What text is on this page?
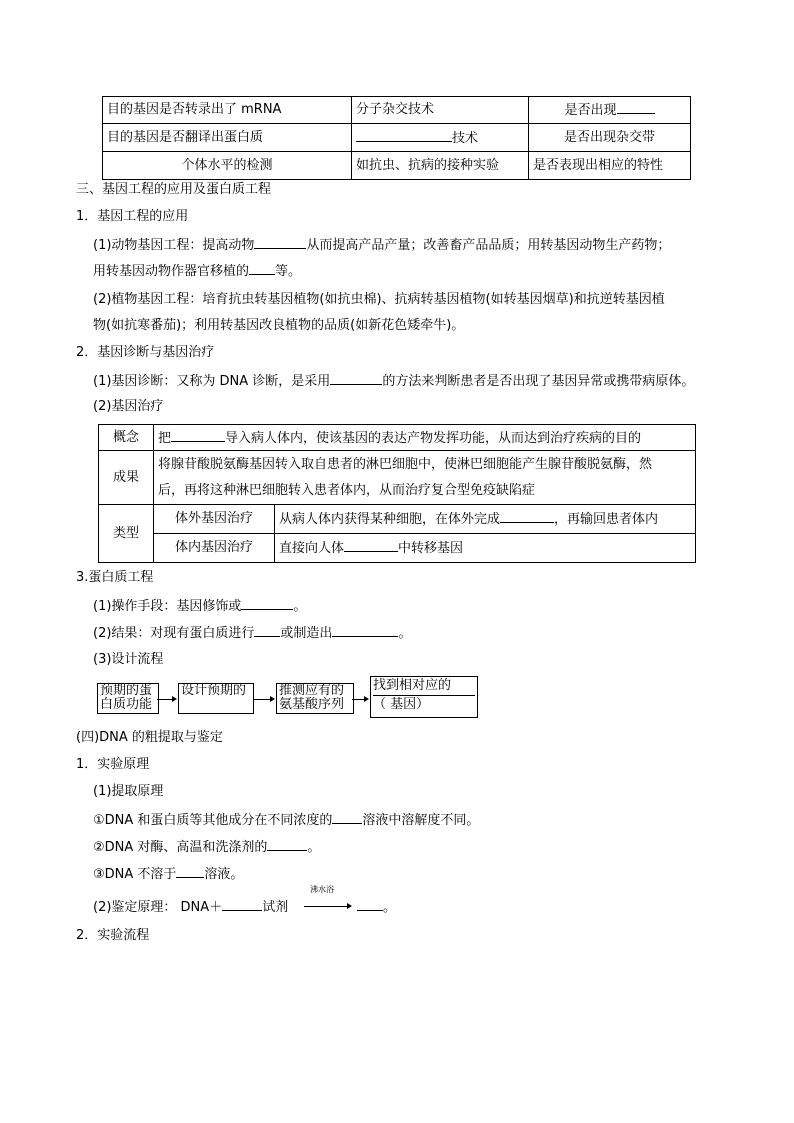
目的基因是否转录出了 mRNA	分子杂交技术	是否出现
目的基因是否翻译出蛋白质	技术	是否出现杂交带
个体水平的检测	如抗虫、抗病的接种实验	是否表现出相应的特性
三、基因工程的应用及蛋白质工程
1．基因工程的应用
(1)动物基因工程：提高动物	从而提高产品产量；改善畜产品品质；用转基因动物生产药物；
用转基因动物作器官移植的 等。
(2)植物基因工程：培育抗虫转基因植物(如抗虫棉)、抗病转基因植物(如转基因烟草)和抗逆转基因植
物(如抗寒番茄)；利用转基因改良植物的品质(如新花色矮牵牛)。
2．基因诊断与基因治疗
(1)基因诊断：又称为 DNA 诊断，是采用	的方法来判断患者是否出现了基因异常或携带病原体。
(2)基因治疗
概念	把 导入病人体内，使该基因的表达产物发挥功能，从而达到治疗疾病的目的	
成果	将腺苷酸脱氨酶基因转入取自患者的淋巴细胞中，使淋巴细胞能产生腺苷酸脱氨酶，然
后，再将这种淋巴细胞转入患者体内，从而治疗复合型免疫缺陷症	

类型	体外基因治疗	从病人体内获得某种细胞，在体外完成 ，再输回患者体内
	体内基因治疗	直接向人体 中转移基因
3.蛋白质工程
(1)操作手段：基因修饰或	。
(2)结果：对现有蛋白质进行 或制造出	。
(3)设计流程
预期的蛋
白质功能
设计预期的	推测应有的
氨基酸序列
找到相对应的
（ 基因）
(四)DNA 的粗提取与鉴定
1．实验原理
(1)提取原理
①DNA 和蛋白质等其他成分在不同浓度的 溶液中溶解度不同。
②DNA 对酶、高温和洗涤剂的	。
③DNA 不溶于 溶液。
(2)鉴定原理： DNA＋	试剂
沸水浴
。
2．实验流程
